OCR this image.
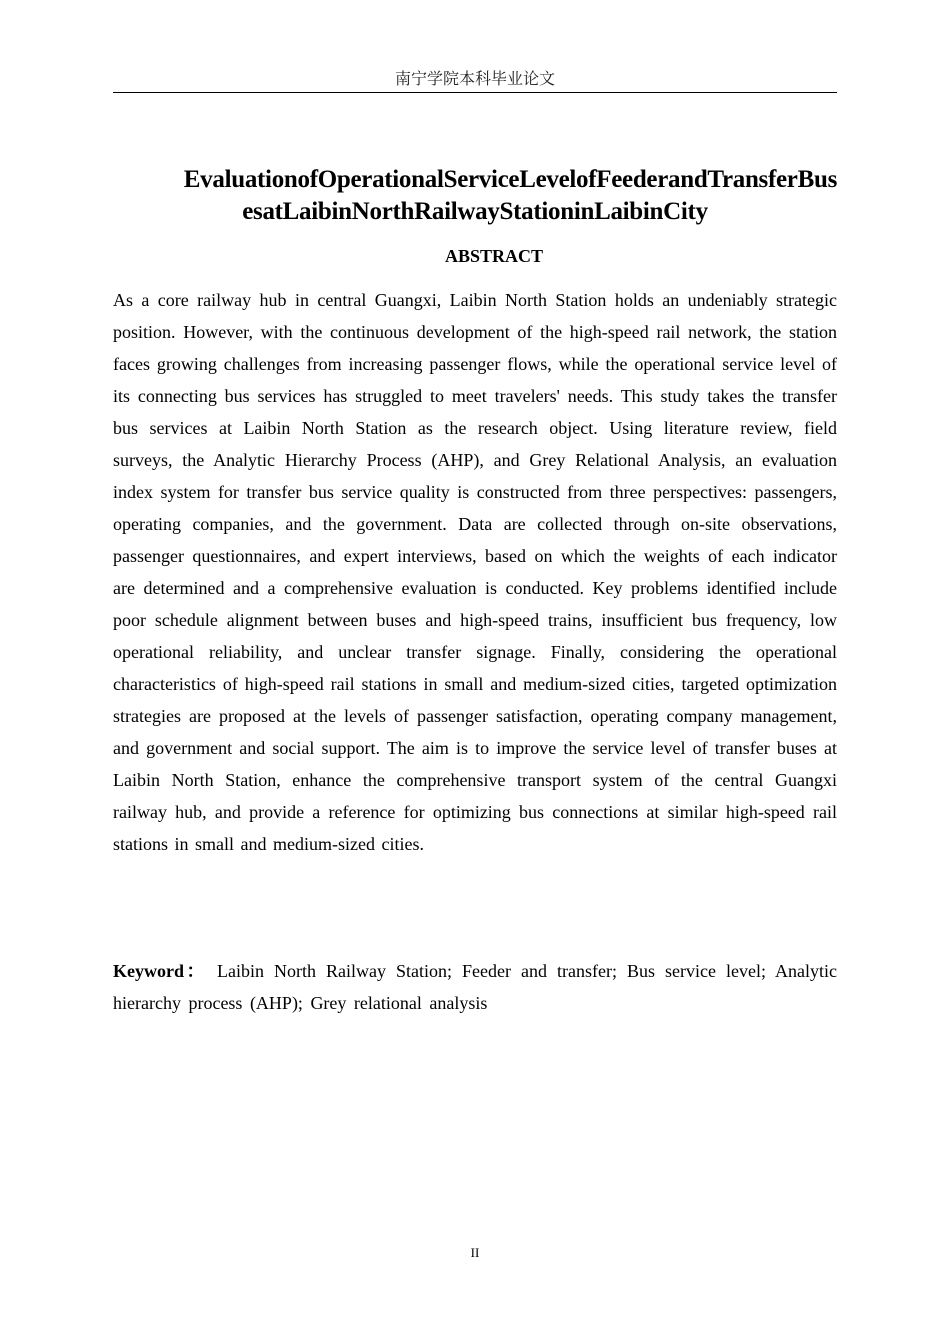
南宁学院本科毕业论文
EvaluationofOperationalServiceLevelofFeederandTransferBus
esatLaibinNorthRailwayStationinLaibinCity
ABSTRACT
As a core railway hub in central Guangxi, Laibin North Station holds an undeniably strategic position. However, with the continuous development of the high-speed rail network, the station faces growing challenges from increasing passenger flows, while the operational service level of its connecting bus services has struggled to meet travelers' needs. This study takes the transfer bus services at Laibin North Station as the research object. Using literature review, field surveys, the Analytic Hierarchy Process (AHP), and Grey Relational Analysis, an evaluation index system for transfer bus service quality is constructed from three perspectives: passengers, operating companies, and the government. Data are collected through on-site observations, passenger questionnaires, and expert interviews, based on which the weights of each indicator are determined and a comprehensive evaluation is conducted. Key problems identified include poor schedule alignment between buses and high-speed trains, insufficient bus frequency, low operational reliability, and unclear transfer signage. Finally, considering the operational characteristics of high-speed rail stations in small and medium-sized cities, targeted optimization strategies are proposed at the levels of passenger satisfaction, operating company management, and government and social support. The aim is to improve the service level of transfer buses at Laibin North Station, enhance the comprehensive transport system of the central Guangxi railway hub, and provide a reference for optimizing bus connections at similar high-speed rail stations in small and medium-sized cities.
Keyword： Laibin North Railway Station; Feeder and transfer; Bus service level; Analytic hierarchy process (AHP); Grey relational analysis
II
